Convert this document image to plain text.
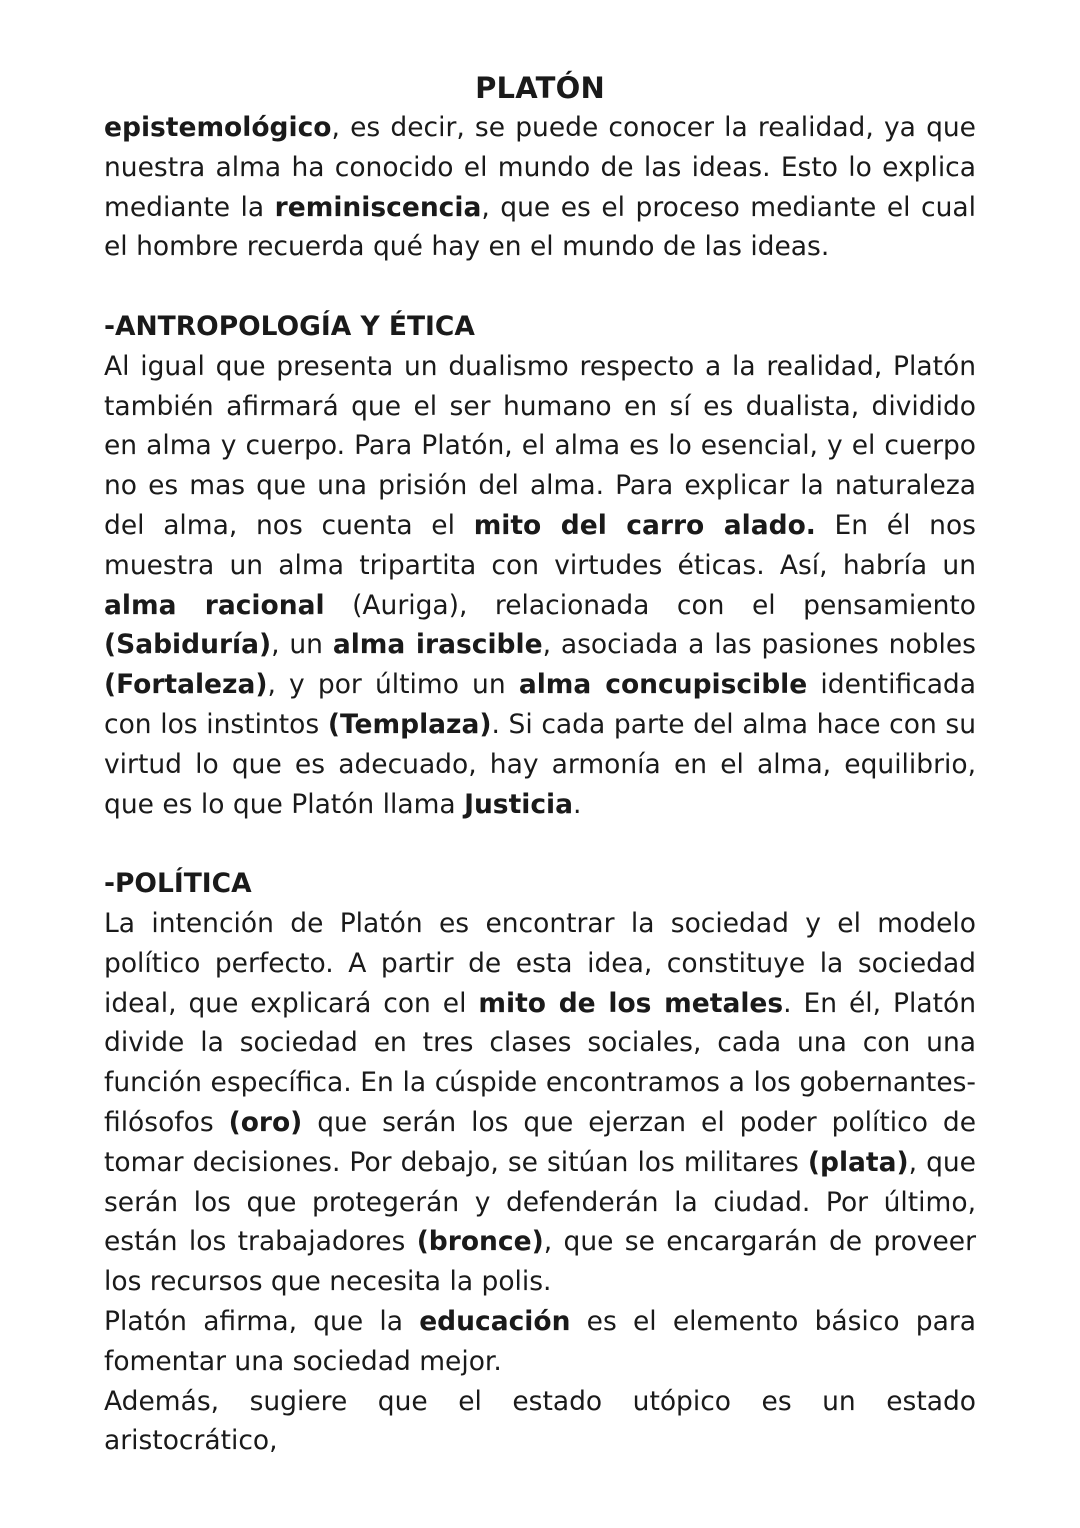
PLATÓN

epistemológico, es decir, se puede conocer la realidad, ya que nuestra alma ha conocido el mundo de las ideas. Esto lo explica mediante la reminiscencia, que es el proceso mediante el cual el hombre recuerda qué hay en el mundo de las ideas.

-ANTROPOLOGÍA Y ÉTICA

Al igual que presenta un dualismo respecto a la realidad, Platón también afirmará que el ser humano en sí es dualista, dividido en alma y cuerpo. Para Platón, el alma es lo esencial, y el cuerpo no es mas que una prisión del alma. Para explicar la naturaleza del alma, nos cuenta el mito del carro alado. En él nos muestra un alma tripartita con virtudes éticas. Así, habría un alma racional (Auriga), relacionada con el pensamiento (Sabiduría), un alma irascible, asociada a las pasiones nobles (Fortaleza), y por último un alma concupiscible identificada con los instintos (Templaza). Si cada parte del alma hace con su virtud lo que es adecuado, hay armonía en el alma, equilibrio, que es lo que Platón llama Justicia.

-POLÍTICA

La intención de Platón es encontrar la sociedad y el modelo político perfecto. A partir de esta idea, constituye la sociedad ideal, que explicará con el mito de los metales. En él, Platón divide la sociedad en tres clases sociales, cada una con una función específica. En la cúspide encontramos a los gobernantes-filósofos (oro) que serán los que ejerzan el poder político de tomar decisiones. Por debajo, se sitúan los militares (plata), que serán los que protegerán y defenderán la ciudad. Por último, están los trabajadores (bronce), que se encargarán de proveer los recursos que necesita la polis.

Platón afirma, que la educación es el elemento básico para fomentar una sociedad mejor.

Además, sugiere que el estado utópico es un estado aristocrático,
